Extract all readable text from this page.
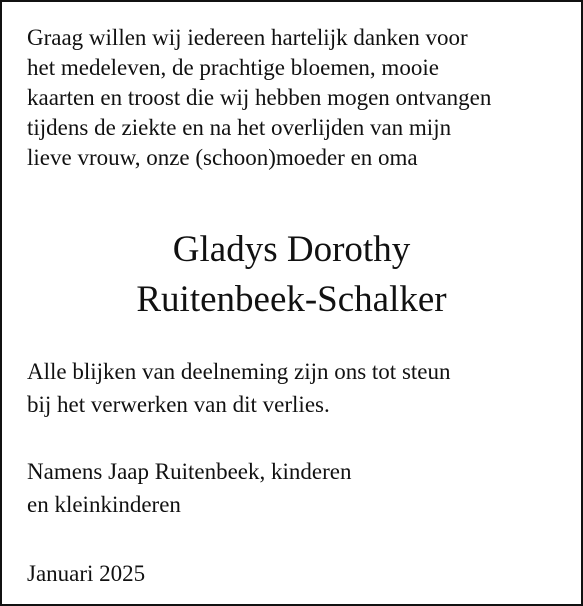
Graag willen wij iedereen hartelijk danken voor
het medeleven, de prachtige bloemen, mooie
kaarten en troost die wij hebben mogen ontvangen
tijdens de ziekte en na het overlijden van mijn
lieve vrouw, onze (schoon)moeder en oma
Gladys Dorothy
Ruitenbeek-Schalker
Alle blijken van deelneming zijn ons tot steun
bij het verwerken van dit verlies.
Namens Jaap Ruitenbeek, kinderen
en kleinkinderen
Januari 2025
